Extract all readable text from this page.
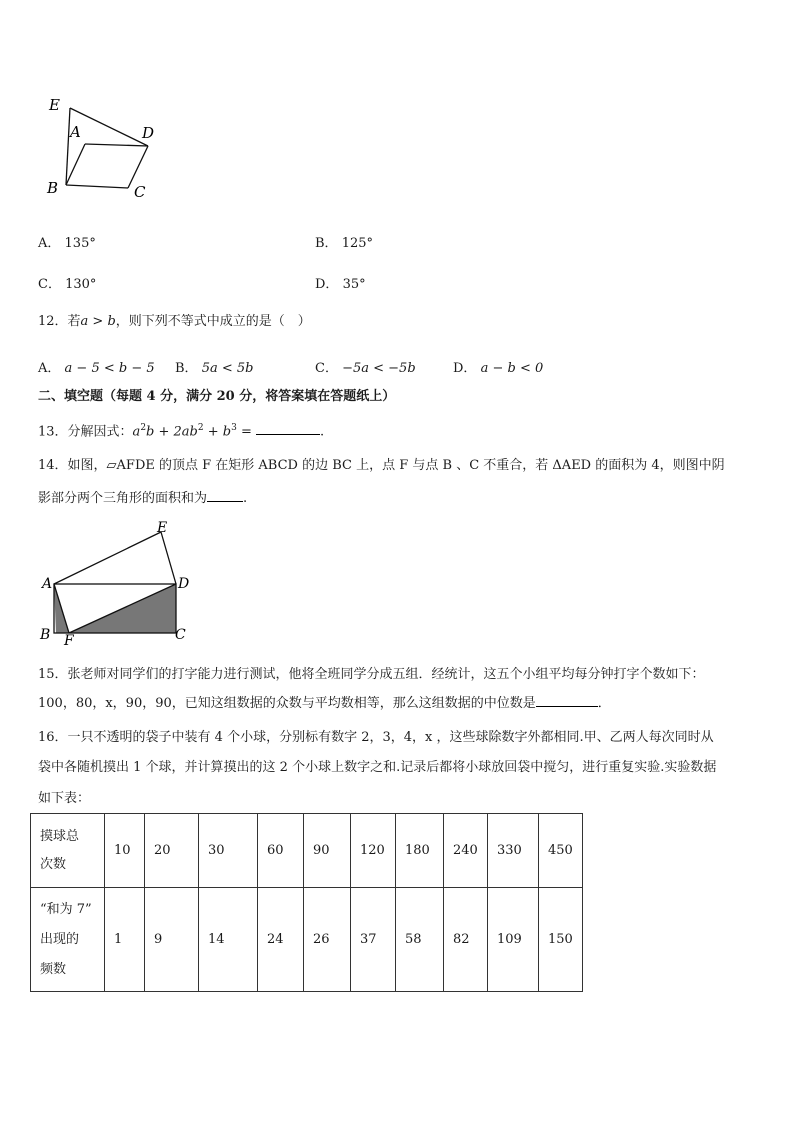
E
A	D
B	C
A． 135°	B． 125°
C． 130°	D． 35°
12．若a > b，则下列不等式中成立的是（　）
A． a − 5 < b − 5 B． 5a < 5b	C． −5a < −5b	D． a − b < 0
二、填空题（每题 4 分，满分 20 分，将答案填在答题纸上）
13．分解因式：$a^2b + 2ab^2 + b^3$ =	.
14．如图，▱AFDE 的顶点 F 在矩形 ABCD 的边 BC 上，点 F 与点 B 、C 不重合，若 ΔAED 的面积为 4，则图中阴
影部分两个三角形的面积和为	.
E
A	D
B F	C
15．张老师对同学们的打字能力进行测试，他将全班同学分成五组．经统计，这五个小组平均每分钟打字个数如下：
100，80，x，90，90，已知这组数据的众数与平均数相等，那么这组数据的中位数是	．
16．一只不透明的袋子中装有 4 个小球，分别标有数字 2，3，4，x ，这些球除数字外都相同.甲、乙两人每次同时从
袋中各随机摸出 1 个球，并计算摸出的这 2 个小球上数字之和.记录后都将小球放回袋中搅匀，进行重复实验.实验数据
如下表：
摸球总
次数	10	20	30	60	90	120	180	240	330	450
“和为 7”
出现的
频数	1	9	14	24	26	37	58	82	109	150
